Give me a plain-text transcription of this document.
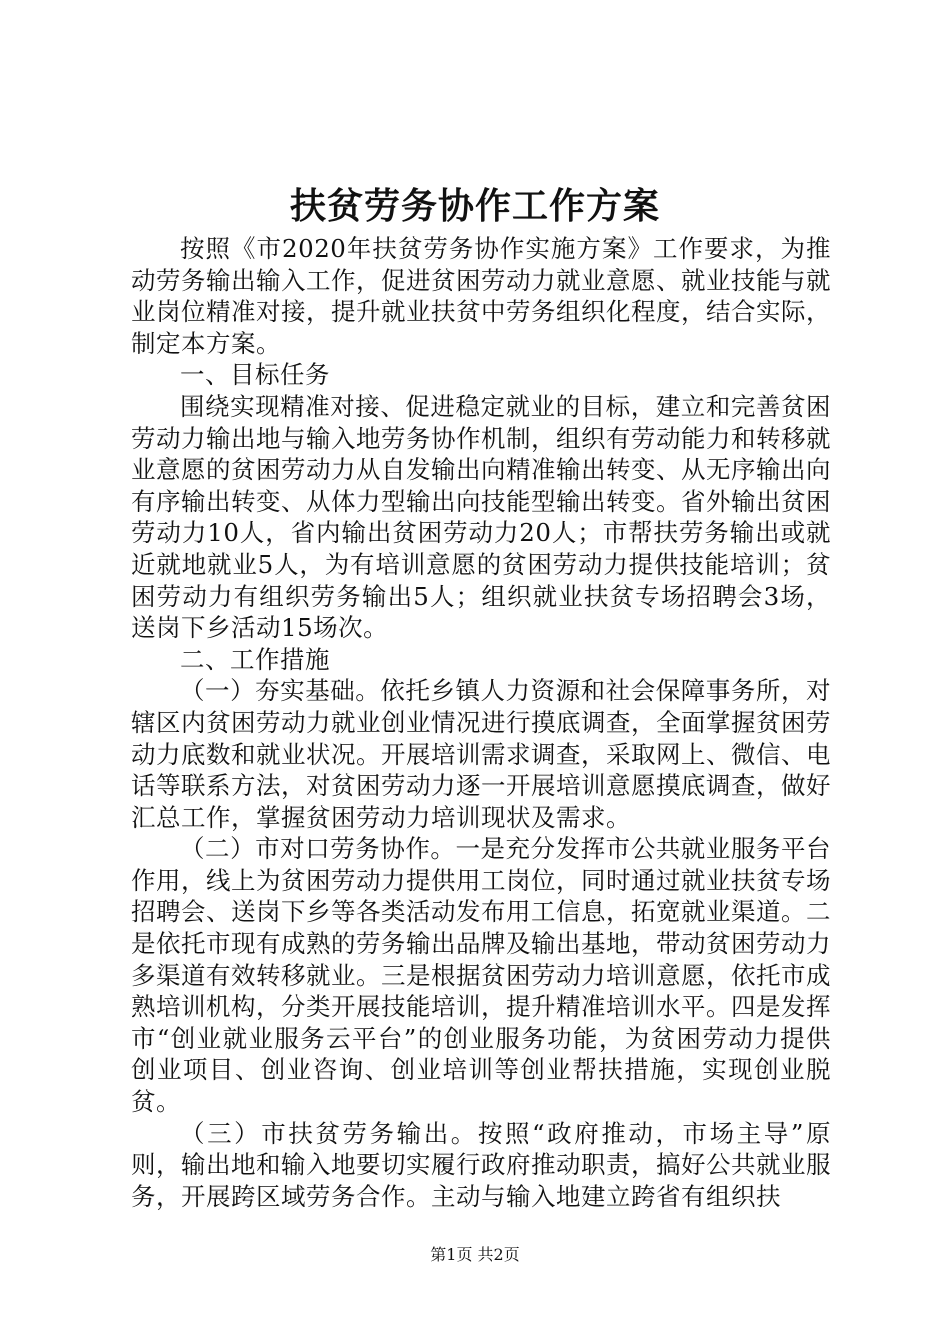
扶贫劳务协作工作方案

按照《市2020年扶贫劳务协作实施方案》工作要求，为推动劳务输出输入工作，促进贫困劳动力就业意愿、就业技能与就业岗位精准对接，提升就业扶贫中劳务组织化程度，结合实际，制定本方案。

一、目标任务

围绕实现精准对接、促进稳定就业的目标，建立和完善贫困劳动力输出地与输入地劳务协作机制，组织有劳动能力和转移就业意愿的贫困劳动力从自发输出向精准输出转变、从无序输出向有序输出转变、从体力型输出向技能型输出转变。省外输出贫困劳动力10人，省内输出贫困劳动力20人；市帮扶劳务输出或就近就地就业5人，为有培训意愿的贫困劳动力提供技能培训；贫困劳动力有组织劳务输出5人；组织就业扶贫专场招聘会3场，送岗下乡活动15场次。

二、工作措施

（一）夯实基础。依托乡镇人力资源和社会保障事务所，对辖区内贫困劳动力就业创业情况进行摸底调查，全面掌握贫困劳动力底数和就业状况。开展培训需求调查，采取网上、微信、电话等联系方法，对贫困劳动力逐一开展培训意愿摸底调查，做好汇总工作，掌握贫困劳动力培训现状及需求。

（二）市对口劳务协作。一是充分发挥市公共就业服务平台作用，线上为贫困劳动力提供用工岗位，同时通过就业扶贫专场招聘会、送岗下乡等各类活动发布用工信息，拓宽就业渠道。二是依托市现有成熟的劳务输出品牌及输出基地，带动贫困劳动力多渠道有效转移就业。三是根据贫困劳动力培训意愿，依托市成熟培训机构，分类开展技能培训，提升精准培训水平。四是发挥市“创业就业服务云平台”的创业服务功能，为贫困劳动力提供创业项目、创业咨询、创业培训等创业帮扶措施，实现创业脱贫。

（三）市扶贫劳务输出。按照“政府推动，市场主导”原则，输出地和输入地要切实履行政府推动职责，搞好公共就业服务，开展跨区域劳务合作。主动与输入地建立跨省有组织扶

第1页 共2页
